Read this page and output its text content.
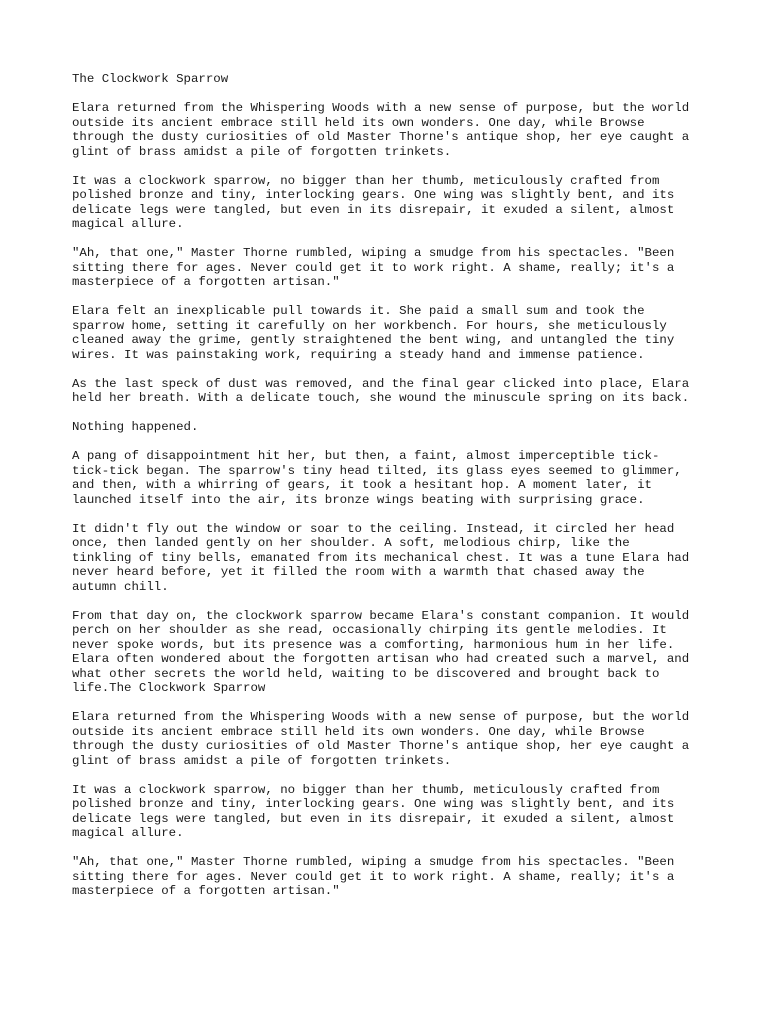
The Clockwork Sparrow

Elara returned from the Whispering Woods with a new sense of purpose, but the world
outside its ancient embrace still held its own wonders. One day, while Browse
through the dusty curiosities of old Master Thorne's antique shop, her eye caught a
glint of brass amidst a pile of forgotten trinkets.

It was a clockwork sparrow, no bigger than her thumb, meticulously crafted from
polished bronze and tiny, interlocking gears. One wing was slightly bent, and its
delicate legs were tangled, but even in its disrepair, it exuded a silent, almost
magical allure.

"Ah, that one," Master Thorne rumbled, wiping a smudge from his spectacles. "Been
sitting there for ages. Never could get it to work right. A shame, really; it's a
masterpiece of a forgotten artisan."

Elara felt an inexplicable pull towards it. She paid a small sum and took the
sparrow home, setting it carefully on her workbench. For hours, she meticulously
cleaned away the grime, gently straightened the bent wing, and untangled the tiny
wires. It was painstaking work, requiring a steady hand and immense patience.

As the last speck of dust was removed, and the final gear clicked into place, Elara
held her breath. With a delicate touch, she wound the minuscule spring on its back.

Nothing happened.

A pang of disappointment hit her, but then, a faint, almost imperceptible tick-
tick-tick began. The sparrow's tiny head tilted, its glass eyes seemed to glimmer,
and then, with a whirring of gears, it took a hesitant hop. A moment later, it
launched itself into the air, its bronze wings beating with surprising grace.

It didn't fly out the window or soar to the ceiling. Instead, it circled her head
once, then landed gently on her shoulder. A soft, melodious chirp, like the
tinkling of tiny bells, emanated from its mechanical chest. It was a tune Elara had
never heard before, yet it filled the room with a warmth that chased away the
autumn chill.

From that day on, the clockwork sparrow became Elara's constant companion. It would
perch on her shoulder as she read, occasionally chirping its gentle melodies. It
never spoke words, but its presence was a comforting, harmonious hum in her life.
Elara often wondered about the forgotten artisan who had created such a marvel, and
what other secrets the world held, waiting to be discovered and brought back to
life.The Clockwork Sparrow

Elara returned from the Whispering Woods with a new sense of purpose, but the world
outside its ancient embrace still held its own wonders. One day, while Browse
through the dusty curiosities of old Master Thorne's antique shop, her eye caught a
glint of brass amidst a pile of forgotten trinkets.

It was a clockwork sparrow, no bigger than her thumb, meticulously crafted from
polished bronze and tiny, interlocking gears. One wing was slightly bent, and its
delicate legs were tangled, but even in its disrepair, it exuded a silent, almost
magical allure.

"Ah, that one," Master Thorne rumbled, wiping a smudge from his spectacles. "Been
sitting there for ages. Never could get it to work right. A shame, really; it's a
masterpiece of a forgotten artisan."
